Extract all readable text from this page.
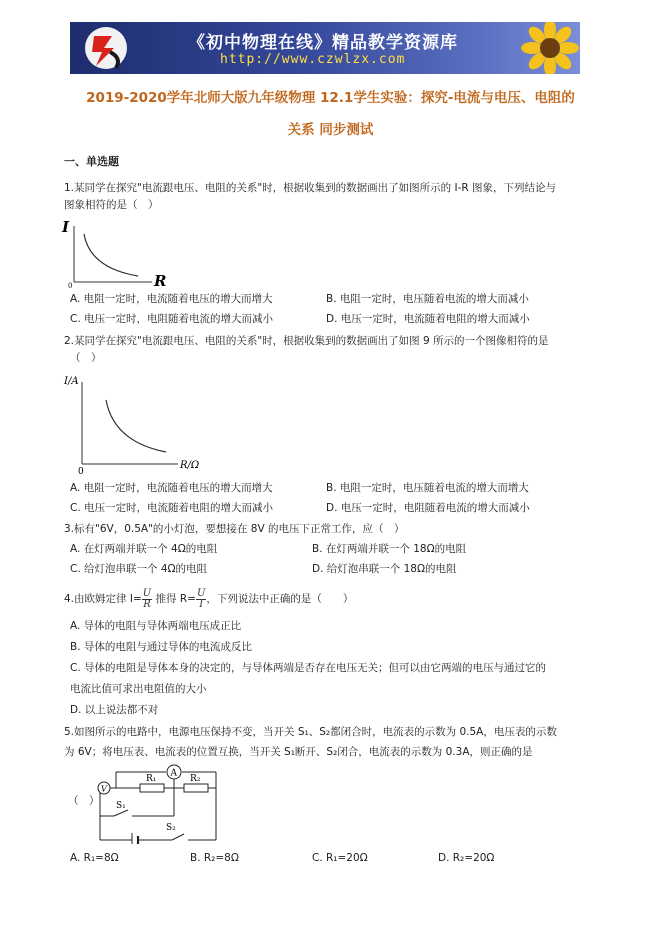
《初中物理在线》精品教学资源库
http://www.czwlzx.com
2019-2020学年北师大版九年级物理 12.1学生实验：探究-电流与电压、电阻的
关系 同步测试
一、单选题
1.某同学在探究"电流跟电压、电阻的关系"时，根据收集到的数据画出了如图所示的 I-R 图象，下列结论与
图象相符的是（　）
I
R
0
A. 电阻一定时，电流随着电压的增大而增大	B. 电阻一定时，电压随着电流的增大而减小
C. 电压一定时，电阻随着电流的增大而减小	D. 电压一定时，电流随着电阻的增大而减小
2.某同学在探究"电流跟电压、电阻的关系"时，根据收集到的数据画出了如图 9 所示的一个图像相符的是
（　）
I/A
R/Ω
0
A. 电阻一定时，电流随着电压的增大而增大	B. 电阻一定时，电压随着电流的增大而增大
C. 电压一定时，电流随着电阻的增大而减小	D. 电压一定时，电阻随着电流的增大而减小
3.标有"6V，0.5A"的小灯泡，要想接在 8V 的电压下正常工作，应（　）
A. 在灯两端并联一个 4Ω的电阻	B. 在灯两端并联一个 18Ω的电阻
C. 给灯泡串联一个 4Ω的电阻	D. 给灯泡串联一个 18Ω的电阻
4.由欧姆定律 $I= \frac{U}{R}$ 推得 $R= \frac{U}{I}$ ，下列说法中正确的是（　　）
A. 导体的电阻与导体两端电压成正比
B. 导体的电阻与通过导体的电流成反比
C. 导体的电阻是导体本身的决定的，与导体两端是否存在电压无关；但可以由它两端的电压与通过它的
电流比值可求出电阻值的大小
D. 以上说法都不对
5.如图所示的电路中，电源电压保持不变，当开关 S₁、S₂都闭合时，电流表的示数为 0.5A，电压表的示数
为 6V；将电压表、电流表的位置互换，当开关 S₁断开、S₂闭合，电流表的示数为 0.3A，则正确的是
（　）
V
A
R₁	R₂
S₁
S₂
A. R₁=8Ω	B. R₂=8Ω	C. R₁=20Ω	D. R₂=20Ω
